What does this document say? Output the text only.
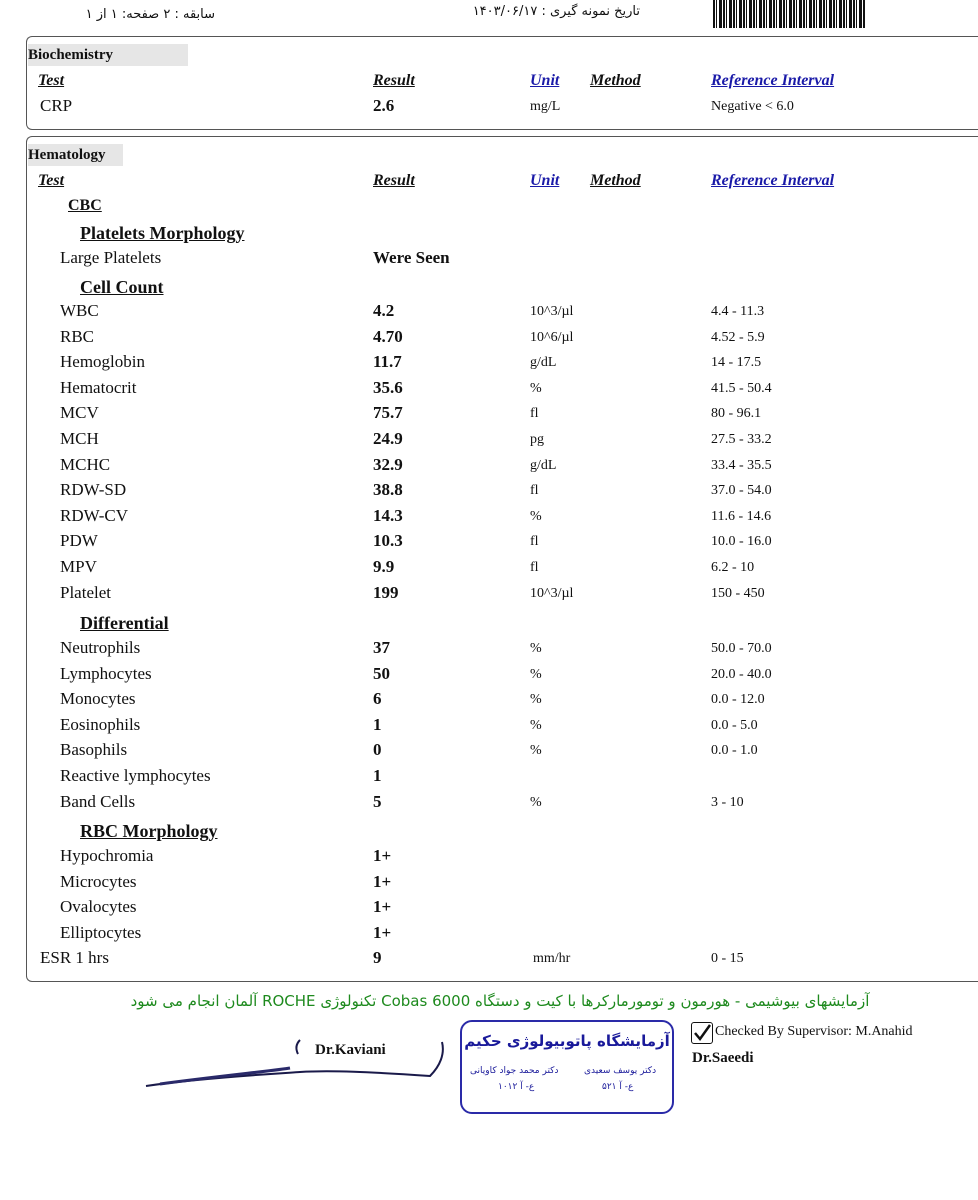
سابقه : ۲ صفحه: ۱ از ۱	تاریخ نمونه گیری : ۱۴۰۳/۰۶/۱۷
Biochemistry
Test	Result	Unit Method	Reference Interval
CRP	2.6	mg/L	Negative < 6.0
Hematology
Test	Result	Unit Method	Reference Interval
CBC
Platelets Morphology
Large Platelets	Were Seen
Cell Count
WBC	4.2	10^3/µl	4.4 - 11.3
RBC	4.70	10^6/µl	4.52 - 5.9
Hemoglobin	11.7	g/dL	14 - 17.5
Hematocrit	35.6	%	41.5 - 50.4
MCV	75.7	fl	80 - 96.1
MCH	24.9	pg	27.5 - 33.2
MCHC	32.9	g/dL	33.4 - 35.5
RDW-SD	38.8	fl	37.0 - 54.0
RDW-CV	14.3	%	11.6 - 14.6
PDW	10.3	fl	10.0 - 16.0
MPV	9.9	fl	6.2 - 10
Platelet	199	10^3/µl	150 - 450
Differential
Neutrophils	37	%	50.0 - 70.0
Lymphocytes	50	%	20.0 - 40.0
Monocytes	6	%	0.0 - 12.0
Eosinophils	1	%	0.0 - 5.0
Basophils	0	%	0.0 - 1.0
Reactive lymphocytes	1
Band Cells	5	%	3 - 10
RBC Morphology
Hypochromia	1+
Microcytes	1+
Ovalocytes	1+
Elliptocytes	1+
ESR 1 hrs	9	mm/hr	0 - 15
آزمایشهای بیوشیمی - هورمون و تومورمارکرها با کیت و دستگاه Cobas 6000 تکنولوژی ROCHE آلمان انجام می شود
Dr.Kaviani	آزمایشگاه پاتوبیولوژی حکیم
دکتر محمد جواد کاویانی
ع- آ ۱۰۱۲
دکتر یوسف سعیدی
ع- آ ۵۲۱
Checked By Supervisor: M.Anahid
Dr.Saeedi
